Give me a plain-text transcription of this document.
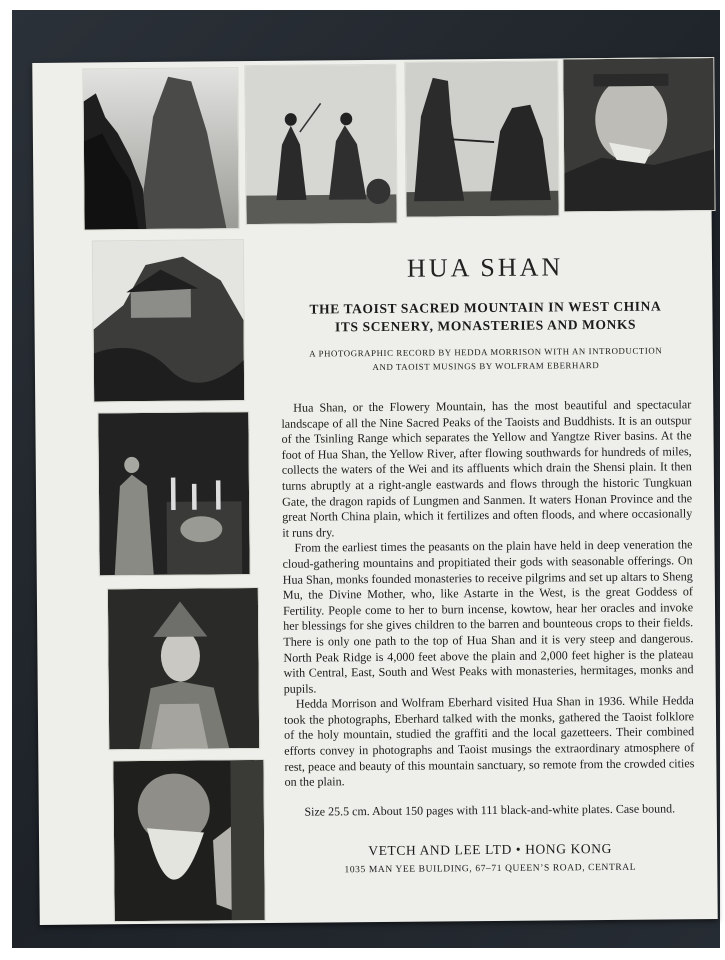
HUA SHAN

THE TAOIST SACRED MOUNTAIN IN WEST CHINA

ITS SCENERY, MONASTERIES AND MONKS

A PHOTOGRAPHIC RECORD BY HEDDA MORRISON WITH AN INTRODUCTION

AND TAOIST MUSINGS BY WOLFRAM EBERHARD

Hua Shan, or the Flowery Mountain, has the most beautiful and spectacular landscape of all the Nine Sacred Peaks of the Taoists and Buddhists. It is an outspur of the Tsinling Range which separates the Yellow and Yangtze River basins. At the foot of Hua Shan, the Yellow River, after flowing southwards for hundreds of miles, collects the waters of the Wei and its affluents which drain the Shensi plain. It then turns abruptly at a right-angle eastwards and flows through the historic Tungkuan Gate, the dragon rapids of Lungmen and Sanmen. It waters Honan Province and the great North China plain, which it fertilizes and often floods, and where occasionally it runs dry.

From the earliest times the peasants on the plain have held in deep veneration the cloud-gathering mountains and propitiated their gods with seasonable offerings. On Hua Shan, monks founded monasteries to receive pilgrims and set up altars to Sheng Mu, the Divine Mother, who, like Astarte in the West, is the great Goddess of Fertility. People come to her to burn incense, kowtow, hear her oracles and invoke her blessings for she gives children to the barren and bounteous crops to their fields. There is only one path to the top of Hua Shan and it is very steep and dangerous. North Peak Ridge is 4,000 feet above the plain and 2,000 feet higher is the plateau with Central, East, South and West Peaks with monasteries, hermitages, monks and pupils.

Hedda Morrison and Wolfram Eberhard visited Hua Shan in 1936. While Hedda took the photographs, Eberhard talked with the monks, gathered the Taoist folklore of the holy mountain, studied the graffiti and the local gazetteers. Their combined efforts convey in photographs and Taoist musings the extraordinary atmosphere of rest, peace and beauty of this mountain sanctuary, so remote from the crowded cities on the plain.

Size 25.5 cm. About 150 pages with 111 black-and-white plates. Case bound.
VETCH AND LEE LTD • HONG KONG
1035 MAN YEE BUILDING, 67–71 QUEEN’S ROAD, CENTRAL
